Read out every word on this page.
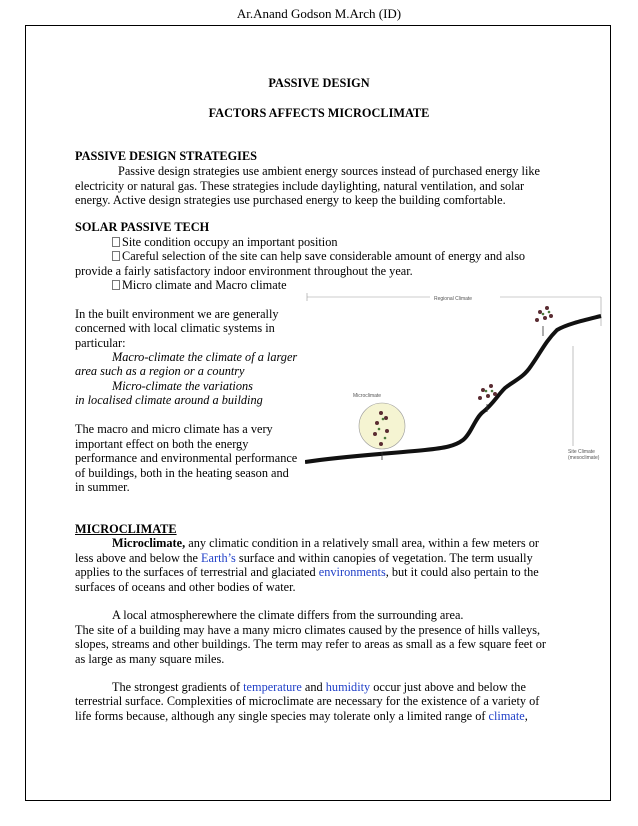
Ar.Anand Godson M.Arch (ID)
PASSIVE DESIGN
FACTORS AFFECTS MICROCLIMATE
PASSIVE DESIGN STRATEGIES
Passive design strategies use ambient energy sources instead of purchased energy like
electricity or natural gas. These strategies include daylighting, natural ventilation, and solar
energy. Active design strategies use purchased energy to keep the building comfortable.
SOLAR PASSIVE TECH
Site condition occupy an important position
Careful selection of the site can help save considerable amount of energy and also
provide a fairly satisfactory indoor environment throughout the year.
Micro climate and Macro climate
In the built environment we are generally
concerned with local climatic systems in
particular:
Macro-climate the climate of a larger
area such as a region or a country
Micro-climate the variations
in localised climate around a building
The macro and micro climate has a very
important effect on both the energy
performance and environmental performance
of buildings, both in the heating season and
in summer.
Regional Climate
Microclimate
Site Climate
(mesoclimate)
MICROCLIMATE
Microclimate, any climatic condition in a relatively small area, within a few meters or
less above and below the Earth’s surface and within canopies of vegetation. The term usually
applies to the surfaces of terrestrial and glaciated environments, but it could also pertain to the
surfaces of oceans and other bodies of water.
A local atmospherewhere the climate differs from the surrounding area.
The site of a building may have a many micro climates caused by the presence of hills valleys,
slopes, streams and other buildings. The term may refer to areas as small as a few square feet or
as large as many square miles.
The strongest gradients of temperature and humidity occur just above and below the
terrestrial surface. Complexities of microclimate are necessary for the existence of a variety of
life forms because, although any single species may tolerate only a limited range of climate,
